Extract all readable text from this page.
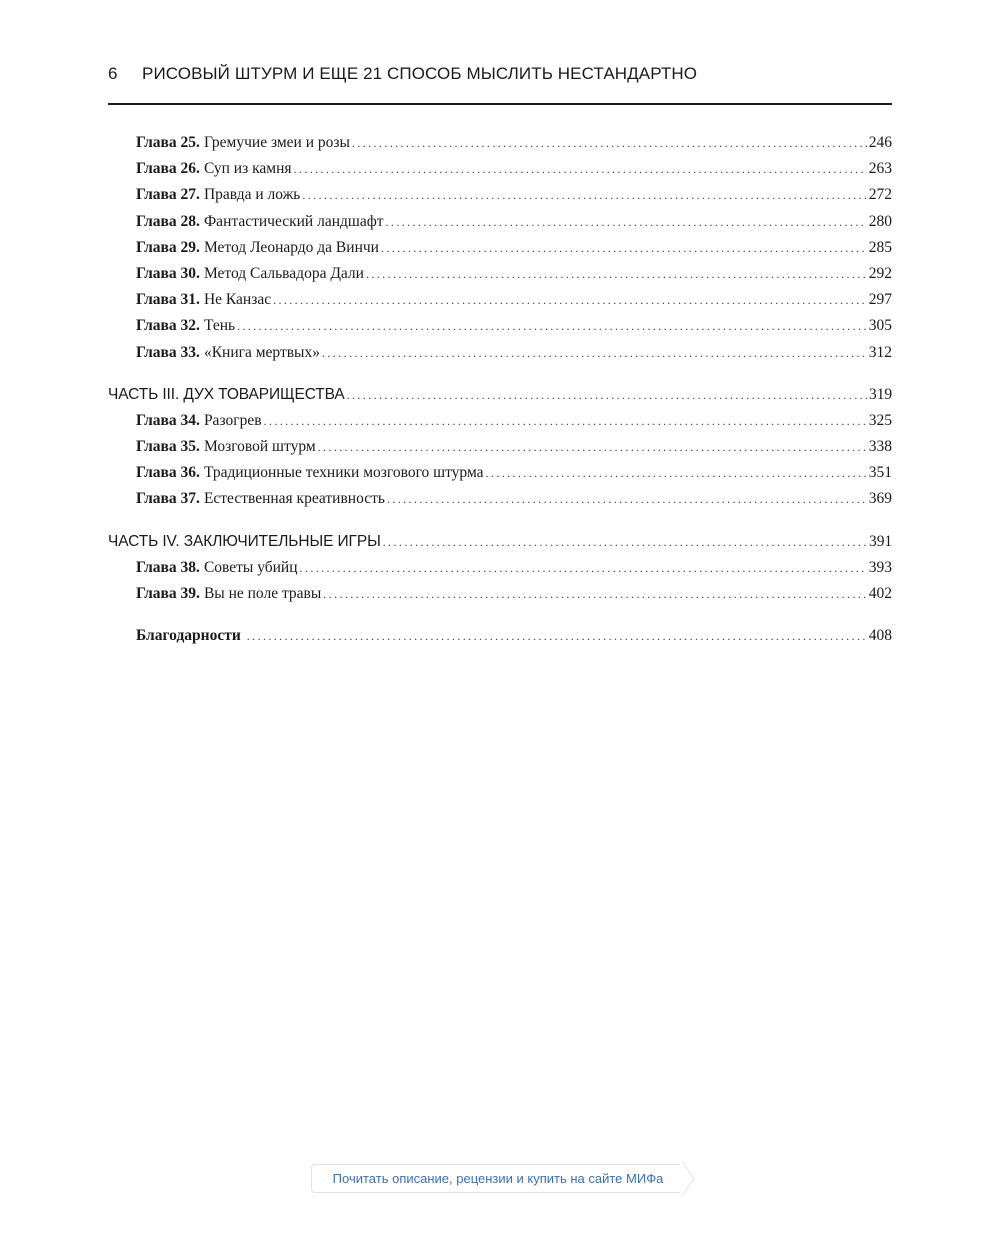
6 РИСОВЫЙ ШТУРМ И ЕЩЕ 21 СПОСОБ МЫСЛИТЬ НЕСТАНДАРТНО
Глава 25. Гремучие змеи и розы .....	246
Глава 26. Суп из камня .....	263
Глава 27. Правда и ложь .....	272
Глава 28. Фантастический ландшафт .....	280
Глава 29. Метод Леонардо да Винчи .....	285
Глава 30. Метод Сальвадора Дали .....	292
Глава 31. Не Канзас .....	297
Глава 32. Тень .....	305
Глава 33. «Книга мертвых» .....	312
ЧАСТЬ III. ДУХ ТОВАРИЩЕСТВА .....	319
Глава 34. Разогрев .....	325
Глава 35. Мозговой штурм .....	338
Глава 36. Традиционные техники мозгового штурма .....	351
Глава 37. Естественная креативность .....	369
ЧАСТЬ IV. ЗАКЛЮЧИТЕЛЬНЫЕ ИГРЫ .....	391
Глава 38. Советы убийц .....	393
Глава 39. Вы не поле травы .....	402
Благодарности .....	408
Почитать описание, рецензии и купить на сайте МИФа
